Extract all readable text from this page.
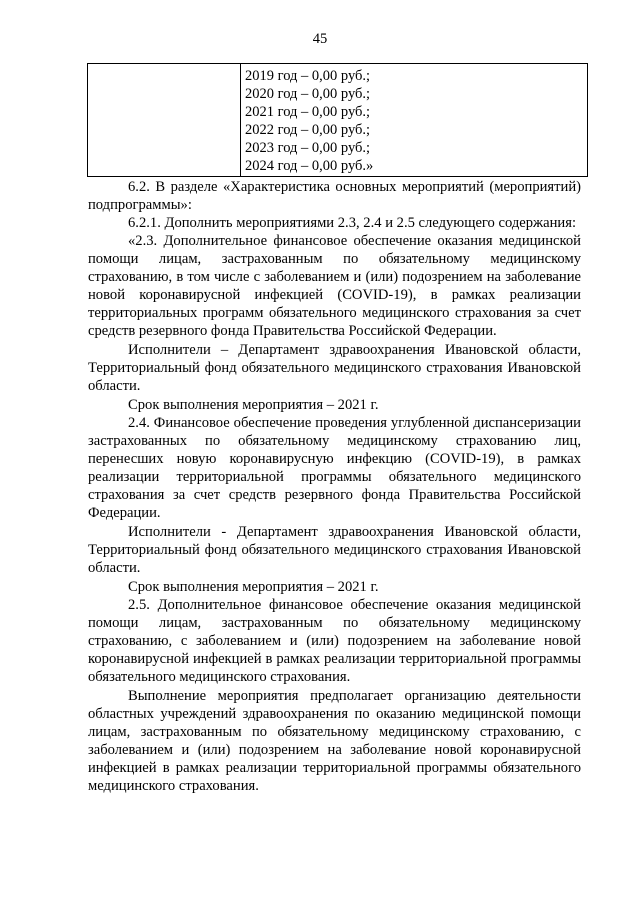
45

2019 год – 0,00 руб.;
2020 год – 0,00 руб.;
2021 год – 0,00 руб.;
2022 год – 0,00 руб.;
2023 год – 0,00 руб.;
2024 год – 0,00 руб.»

6.2. В разделе «Характеристика основных мероприятий (мероприятий) подпрограммы»:

6.2.1. Дополнить мероприятиями 2.3, 2.4 и 2.5 следующего содержания:

«2.3. Дополнительное финансовое обеспечение оказания медицинской помощи лицам, застрахованным по обязательному медицинскому страхованию, в том числе с заболеванием и (или) подозрением на заболевание новой коронавирусной инфекцией (COVID-19), в рамках реализации территориальных программ обязательного медицинского страхования за счет средств резервного фонда Правительства Российской Федерации.

Исполнители – Департамент здравоохранения Ивановской области, Территориальный фонд обязательного медицинского страхования Ивановской области.

Срок выполнения мероприятия – 2021 г.

2.4. Финансовое обеспечение проведения углубленной диспансеризации застрахованных по обязательному медицинскому страхованию лиц, перенесших новую коронавирусную инфекцию (COVID-19), в рамках реализации территориальной программы обязательного медицинского страхования за счет средств резервного фонда Правительства Российской Федерации.

Исполнители - Департамент здравоохранения Ивановской области, Территориальный фонд обязательного медицинского страхования Ивановской области.

Срок выполнения мероприятия – 2021 г.

2.5. Дополнительное финансовое обеспечение оказания медицинской помощи лицам, застрахованным по обязательному медицинскому страхованию, с заболеванием и (или) подозрением на заболевание новой коронавирусной инфекцией в рамках реализации территориальной программы обязательного медицинского страхования.

Выполнение мероприятия предполагает организацию деятельности областных учреждений здравоохранения по оказанию медицинской помощи лицам, застрахованным по обязательному медицинскому страхованию, с заболеванием и (или) подозрением на заболевание новой коронавирусной инфекцией в рамках реализации территориальной программы обязательного медицинского страхования.
